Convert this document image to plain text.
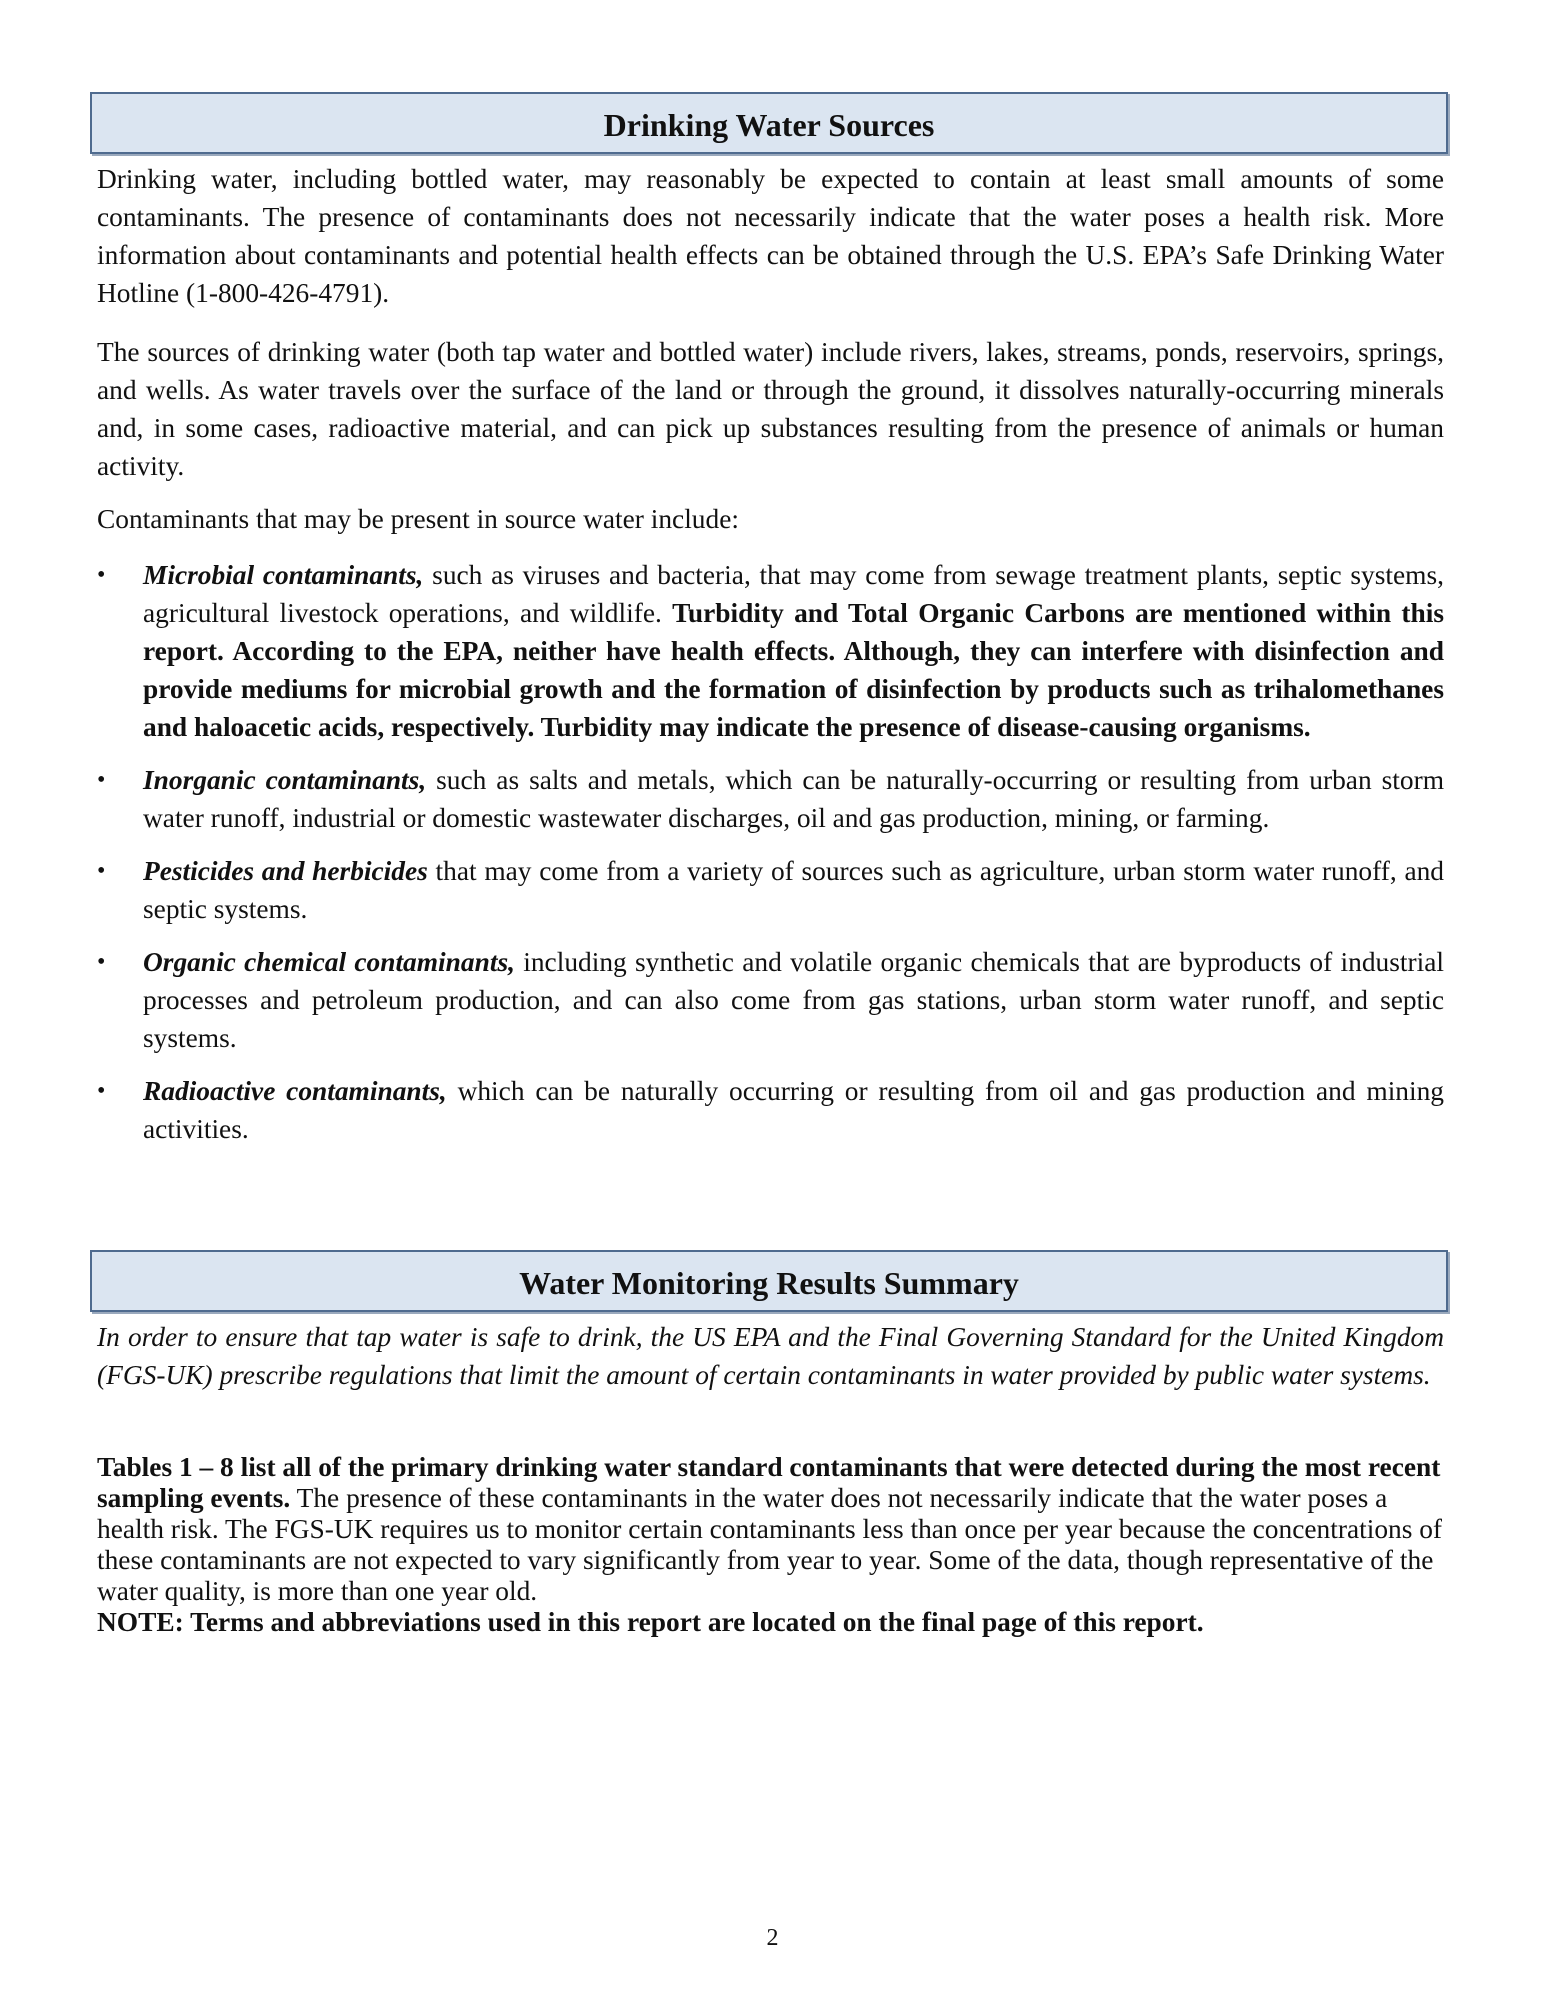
Drinking Water Sources

Drinking water, including bottled water, may reasonably be expected to contain at least small amounts of some contaminants. The presence of contaminants does not necessarily indicate that the water poses a health risk. More information about contaminants and potential health effects can be obtained through the U.S. EPA’s Safe Drinking Water Hotline (1-800-426-4791).

The sources of drinking water (both tap water and bottled water) include rivers, lakes, streams, ponds, reservoirs, springs, and wells. As water travels over the surface of the land or through the ground, it dissolves naturally-occurring minerals and, in some cases, radioactive material, and can pick up substances resulting from the presence of animals or human activity.

Contaminants that may be present in source water include:

• Microbial contaminants, such as viruses and bacteria, that may come from sewage treatment plants, septic systems, agricultural livestock operations, and wildlife. Turbidity and Total Organic Carbons are mentioned within this report. According to the EPA, neither have health effects. Although, they can interfere with disinfection and provide mediums for microbial growth and the formation of disinfection by products such as trihalomethanes and haloacetic acids, respectively. Turbidity may indicate the presence of disease-causing organisms.
• Inorganic contaminants, such as salts and metals, which can be naturally-occurring or resulting from urban storm water runoff, industrial or domestic wastewater discharges, oil and gas production, mining, or farming.
• Pesticides and herbicides that may come from a variety of sources such as agriculture, urban storm water runoff, and septic systems.
• Organic chemical contaminants, including synthetic and volatile organic chemicals that are byproducts of industrial processes and petroleum production, and can also come from gas stations, urban storm water runoff, and septic systems.
• Radioactive contaminants, which can be naturally occurring or resulting from oil and gas production and mining activities.
Water Monitoring Results Summary

In order to ensure that tap water is safe to drink, the US EPA and the Final Governing Standard for the United Kingdom (FGS-UK) prescribe regulations that limit the amount of certain contaminants in water provided by public water systems.

Tables 1 – 8 list all of the primary drinking water standard contaminants that were detected during the most recent sampling events. The presence of these contaminants in the water does not necessarily indicate that the water poses a health risk. The FGS-UK requires us to monitor certain contaminants less than once per year because the concentrations of these contaminants are not expected to vary significantly from year to year. Some of the data, though representative of the water quality, is more than one year old.
NOTE: Terms and abbreviations used in this report are located on the final page of this report.

2
